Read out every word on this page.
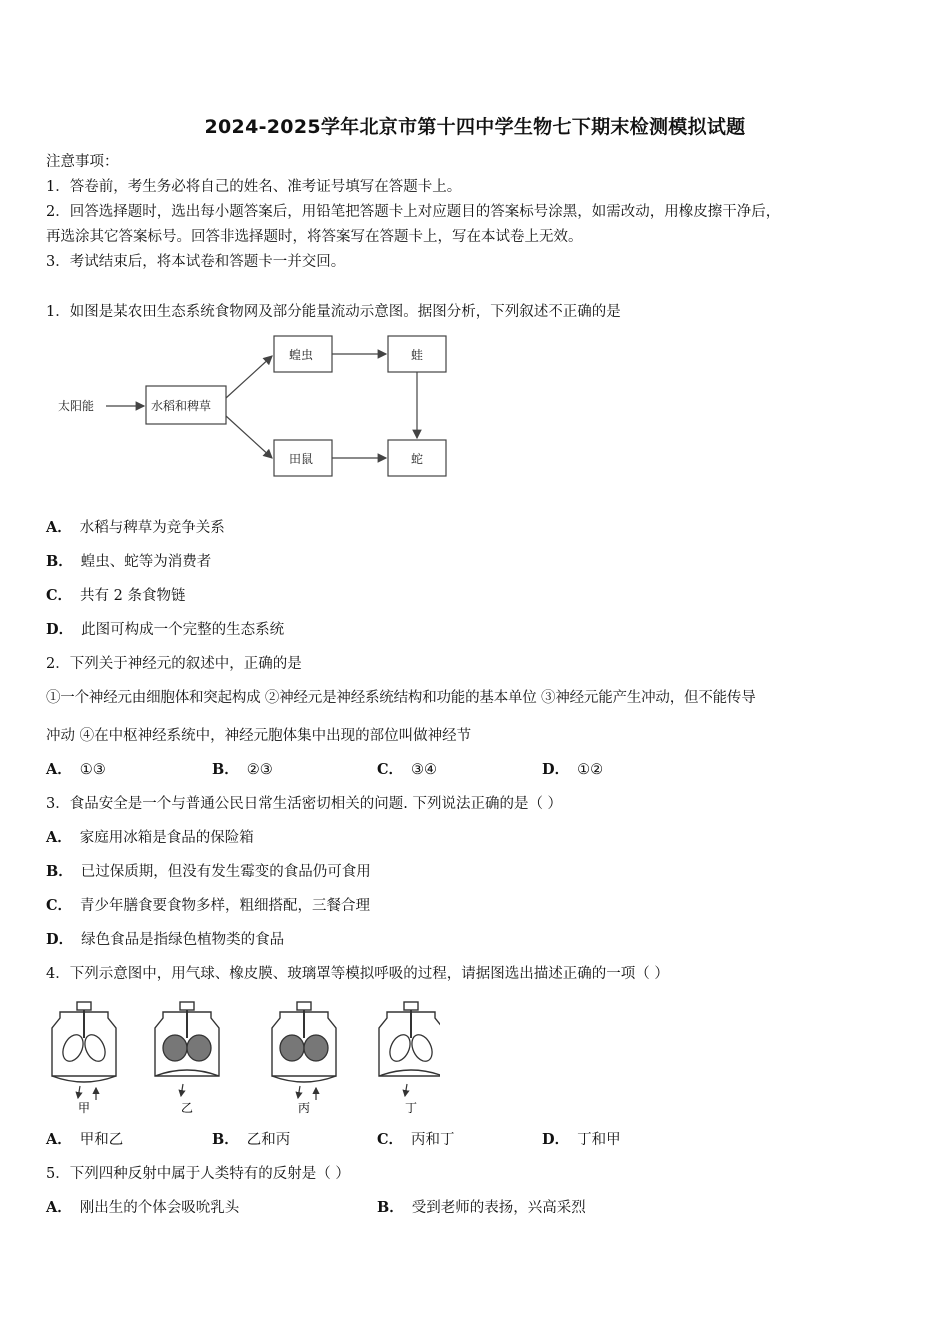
2024-2025学年北京市第十四中学生物七下期末检测模拟试题
注意事项：
1．答卷前，考生务必将自己的姓名、准考证号填写在答题卡上。
2．回答选择题时，选出每小题答案后，用铅笔把答题卡上对应题目的答案标号涂黑，如需改动，用橡皮擦干净后，
再选涂其它答案标号。回答非选择题时，将答案写在答题卡上，写在本试卷上无效。
3．考试结束后，将本试卷和答题卡一并交回。
1．如图是某农田生态系统食物网及部分能量流动示意图。据图分析，下列叙述不正确的是
太阳能	水稻和稗草
蝗虫
田鼠
蛙
蛇
A． 水稻与稗草为竞争关系
B． 蝗虫、蛇等为消费者
C． 共有 2 条食物链
D． 此图可构成一个完整的生态系统
2．下列关于神经元的叙述中，正确的是
①一个神经元由细胞体和突起构成 ②神经元是神经系统结构和功能的基本单位 ③神经元能产生冲动，但不能传导
冲动 ④在中枢神经系统中，神经元胞体集中出现的部位叫做神经节
A． ①③	B． ②③	C． ③④	D． ①②
3．食品安全是一个与普通公民日常生活密切相关的问题. 下列说法正确的是（ ）
A． 家庭用冰箱是食品的保险箱
B． 已过保质期，但没有发生霉变的食品仍可食用
C． 青少年膳食要食物多样，粗细搭配，三餐合理
D． 绿色食品是指绿色植物类的食品
4．下列示意图中，用气球、橡皮膜、玻璃罩等模拟呼吸的过程，请据图选出描述正确的一项（ ）
甲	乙	丙	丁
A． 甲和乙	B． 乙和丙	C． 丙和丁	D． 丁和甲
5．下列四种反射中属于人类特有的反射是（ ）
A． 刚出生的个体会吸吮乳头	B． 受到老师的表扬，兴高采烈
